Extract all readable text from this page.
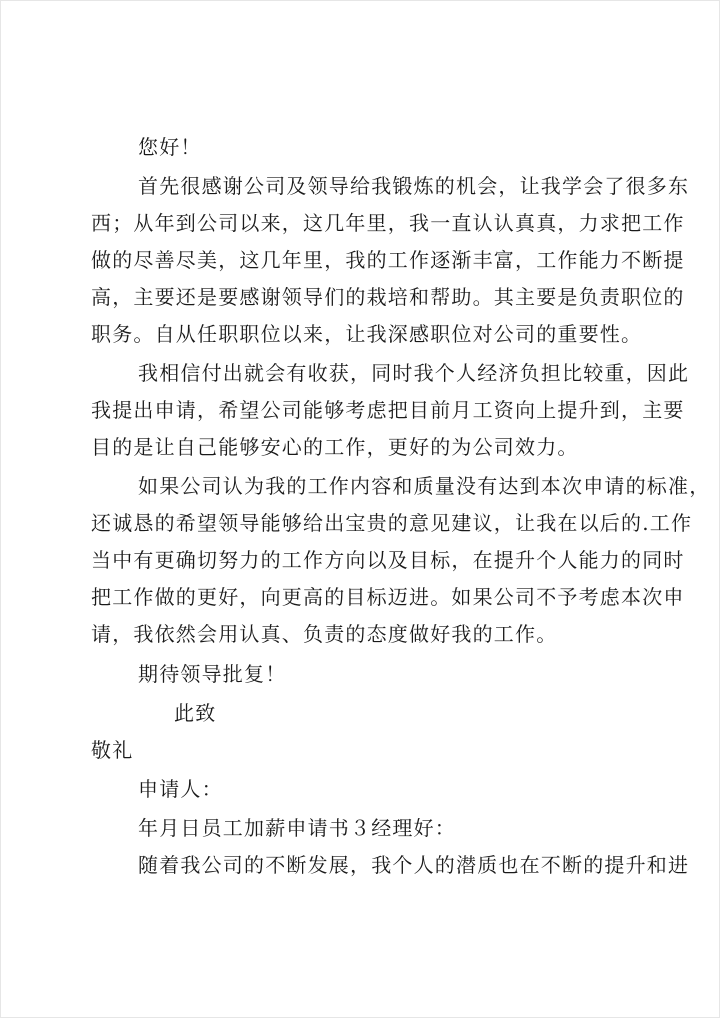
您好！
首先很感谢公司及领导给我锻炼的机会，让我学会了很多东
西；从年到公司以来，这几年里，我一直认认真真，力求把工作
做的尽善尽美，这几年里，我的工作逐渐丰富，工作能力不断提
高，主要还是要感谢领导们的栽培和帮助。其主要是负责职位的
职务。自从任职职位以来，让我深感职位对公司的重要性。
我相信付出就会有收获，同时我个人经济负担比较重，因此
我提出申请，希望公司能够考虑把目前月工资向上提升到，主要
目的是让自己能够安心的工作，更好的为公司效力。
如果公司认为我的工作内容和质量没有达到本次申请的标准，
还诚恳的希望领导能够给出宝贵的意见建议，让我在以后的.工作
当中有更确切努力的工作方向以及目标，在提升个人能力的同时
把工作做的更好，向更高的目标迈进。如果公司不予考虑本次申
请，我依然会用认真、负责的态度做好我的工作。
期待领导批复！
此致
敬礼
申请人：
年月日员工加薪申请书３经理好：
随着我公司的不断发展，我个人的潜质也在不断的提升和进
